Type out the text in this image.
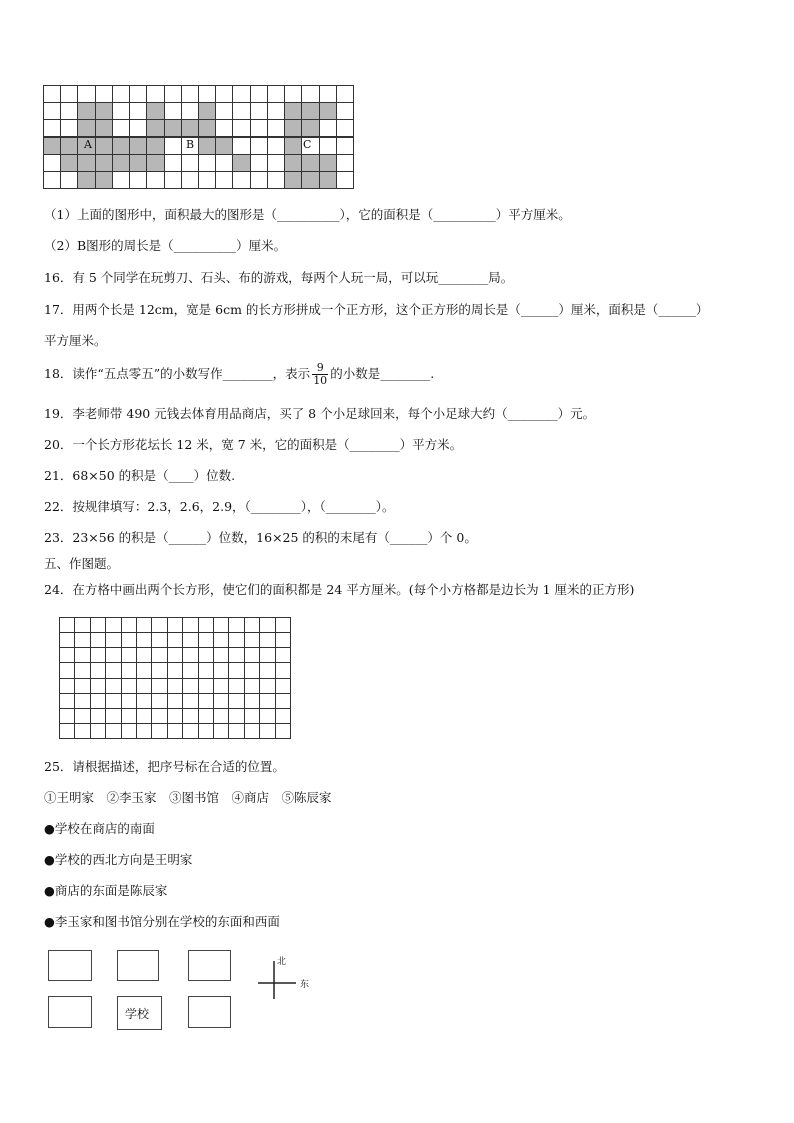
A	B	C
（1）上面的图形中，面积最大的图形是（__________），它的面积是（__________）平方厘米。
（2）B图形的周长是（__________）厘米。
16．有 5 个同学在玩剪刀、石头、布的游戏，每两个人玩一局，可以玩________局。
17．用两个长是 12cm，宽是 6cm 的长方形拼成一个正方形，这个正方形的周长是（______）厘米，面积是（______）
平方厘米。
18．读作“五点零五”的小数写作________，表示 $\frac{9}{10}$ 的小数是________.
19．李老师带 490 元钱去体育用品商店，买了 8 个小足球回来，每个小足球大约（________）元。
20．一个长方形花坛长 12 米，宽 7 米，它的面积是（________）平方米。
21．68×50 的积是（____）位数.
22．按规律填写：2.3，2.6，2.9，（________），（________）。
23．23×56 的积是（______）位数，16×25 的积的末尾有（______）个 0。
五、作图题。
24．在方格中画出两个长方形，使它们的面积都是 24 平方厘米。(每个小方格都是边长为 1 厘米的正方形)
25．请根据描述，把序号标在合适的位置。
①王明家　②李玉家　③图书馆　④商店　⑤陈辰家
●学校在商店的南面
●学校的西北方向是王明家
●商店的东面是陈辰家
●李玉家和图书馆分别在学校的东面和西面
学校
北
东
